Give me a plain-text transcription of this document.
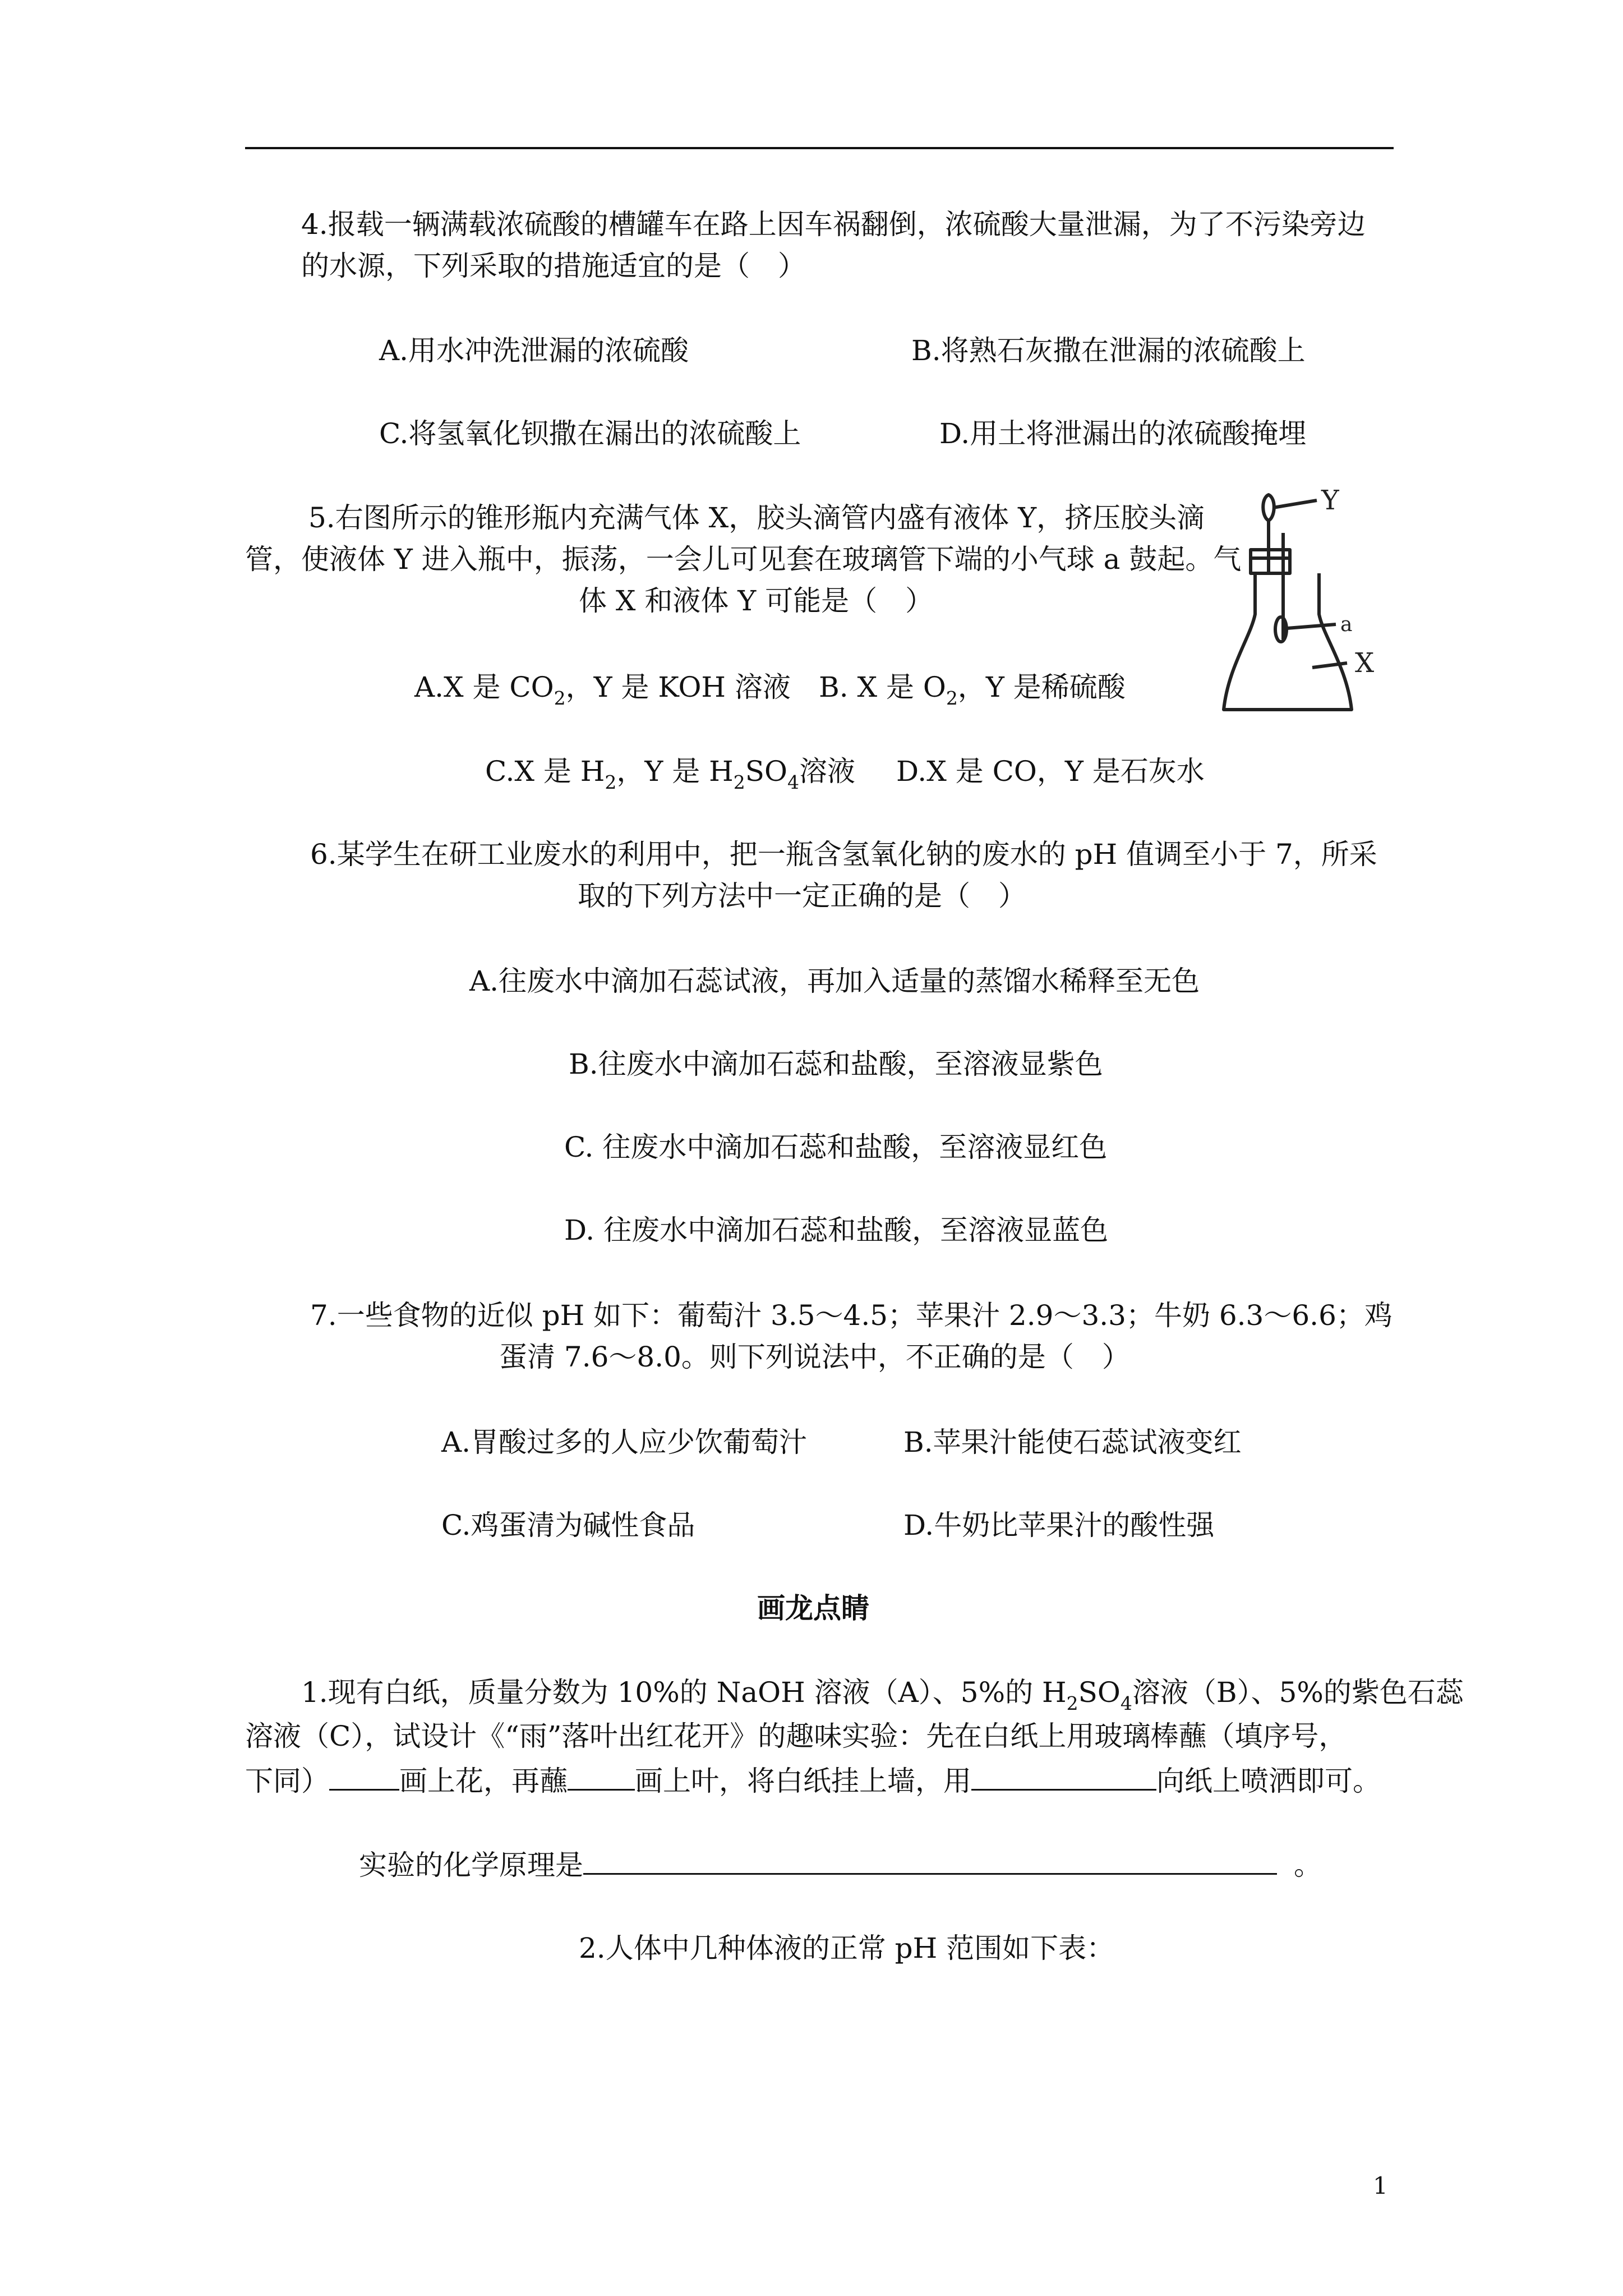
4.报载一辆满载浓硫酸的槽罐车在路上因车祸翻倒，浓硫酸大量泄漏，为了不污染旁边
的水源，下列采取的措施适宜的是（　）
A.用水冲洗泄漏的浓硫酸	B.将熟石灰撒在泄漏的浓硫酸上
C.将氢氧化钡撒在漏出的浓硫酸上	D.用土将泄漏出的浓硫酸掩埋
5.右图所示的锥形瓶内充满气体 X，胶头滴管内盛有液体 Y，挤压胶头滴
管，使液体 Y 进入瓶中，振荡，一会儿可见套在玻璃管下端的小气球 a 鼓起。气
体 X 和液体 Y 可能是（　）
A.X 是 $CO_2$，Y 是 KOH 溶液 B. X 是 $O_2$，Y 是稀硫酸
C.X 是 $H_2$，Y 是 $H_2SO_4$溶液 D.X 是 CO，Y 是石灰水
Y
a
X
6.某学生在研工业废水的利用中，把一瓶含氢氧化钠的废水的 pH 值调至小于 7，所采
取的下列方法中一定正确的是（　）
A.往废水中滴加石蕊试液，再加入适量的蒸馏水稀释至无色
B.往废水中滴加石蕊和盐酸，至溶液显紫色
C. 往废水中滴加石蕊和盐酸，至溶液显红色
D. 往废水中滴加石蕊和盐酸，至溶液显蓝色
7.一些食物的近似 pH 如下：葡萄汁 3.5～4.5；苹果汁 2.9～3.3；牛奶 6.3～6.6；鸡
蛋清 7.6～8.0。则下列说法中，不正确的是（　）
A.胃酸过多的人应少饮葡萄汁	B.苹果汁能使石蕊试液变红
C.鸡蛋清为碱性食品	D.牛奶比苹果汁的酸性强
画龙点睛
1.现有白纸，质量分数为 10%的 NaOH 溶液（A）、5%的 $H_2SO_4$溶液（B）、5%的紫色石蕊
溶液（C），试设计《“雨”落叶出红花开》的趣味实验：先在白纸上用玻璃棒蘸（填序号，
下同）	画上花，再蘸 画上叶，将白纸挂上墙，用	向纸上喷洒即可。
实验的化学原理是	。
2.人体中几种体液的正常 pH 范围如下表：
1
